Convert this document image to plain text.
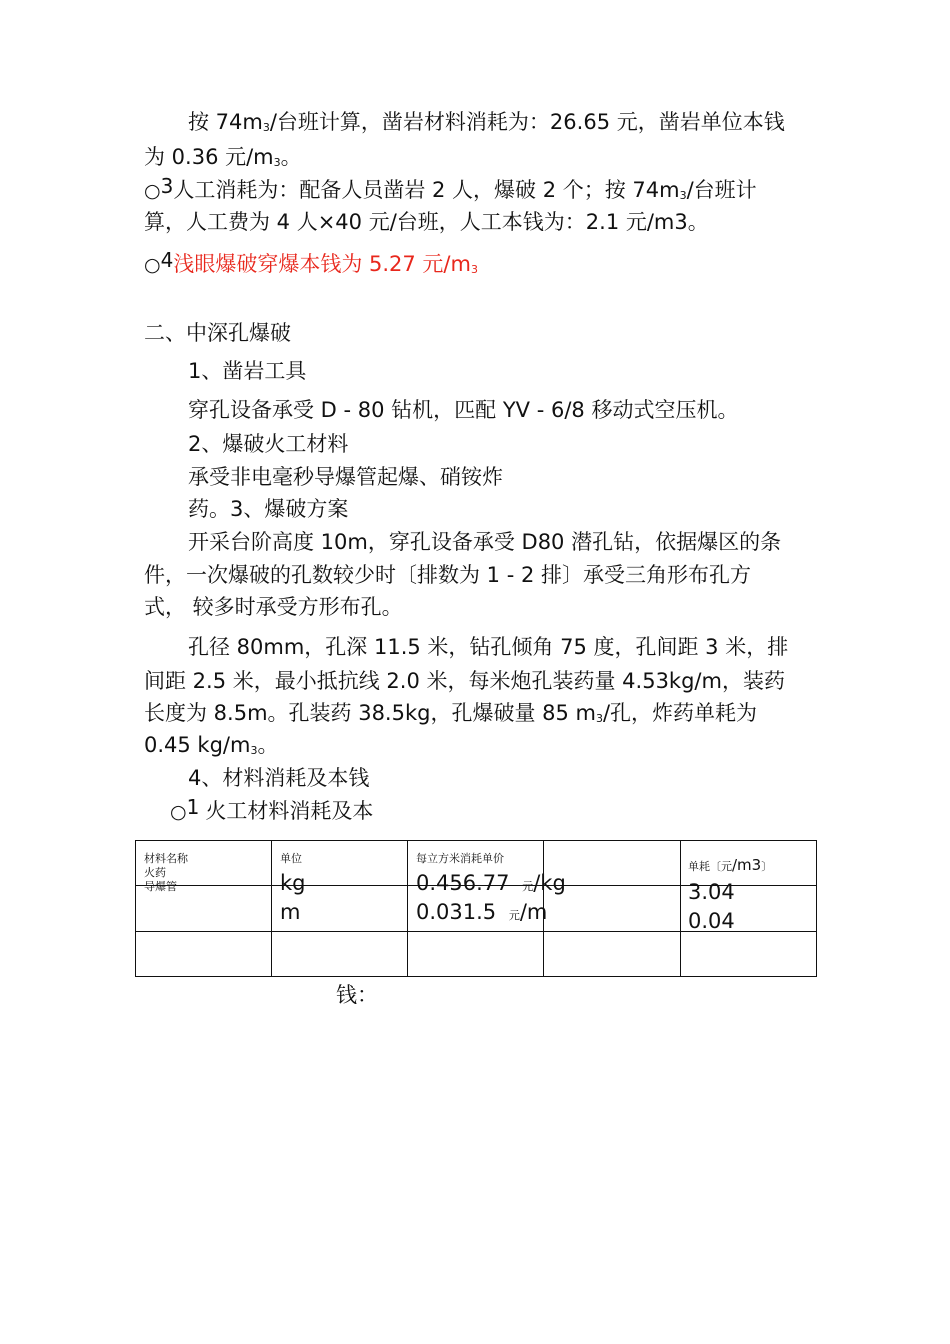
按 $74m_3/$台班计算，凿岩材料消耗为：26.65 元，凿岩单位本钱
为 0.36 元$/m_3$。
○3人工消耗为：配备人员凿岩 2 人，爆破 2 个；按 $74m_3/$台班计
算，人工费为 4 人×40 元/台班，人工本钱为：2.1 元/m3。
○4浅眼爆破穿爆本钱为 5.27 元$/m_3$
二、中深孔爆破
1、凿岩工具
穿孔设备承受 D - 80 钻机，匹配 YV - 6/8 移动式空压机。
2、爆破火工材料
承受非电毫秒导爆管起爆、硝铵炸
药。3、爆破方案
开采台阶高度 10m，穿孔设备承受 D80 潜孔钻，依据爆区的条
件，一次爆破的孔数较少时〔排数为 1 - 2 排〕承受三角形布孔方
式， 较多时承受方形布孔。
孔径 80mm，孔深 11.5 米，钻孔倾角 75 度，孔间距 3 米，排
间距 2.5 米，最小抵抗线 2.0 米，每米炮孔装药量 4.53kg/m，装药
长度为 8.5m。孔装药 38.5kg，孔爆破量 85 $m_3/$孔，炸药单耗为
0.45 $kg/m_3$。
4、材料消耗及本钱
○1 火工材料消耗及本
材料名称
火药
导爆管
单位
kg
m
每立方米消耗单价
0.456.77 元/kg
0.031.5 元/m
单耗〔元/m3〕
3.04
0.04
钱：
